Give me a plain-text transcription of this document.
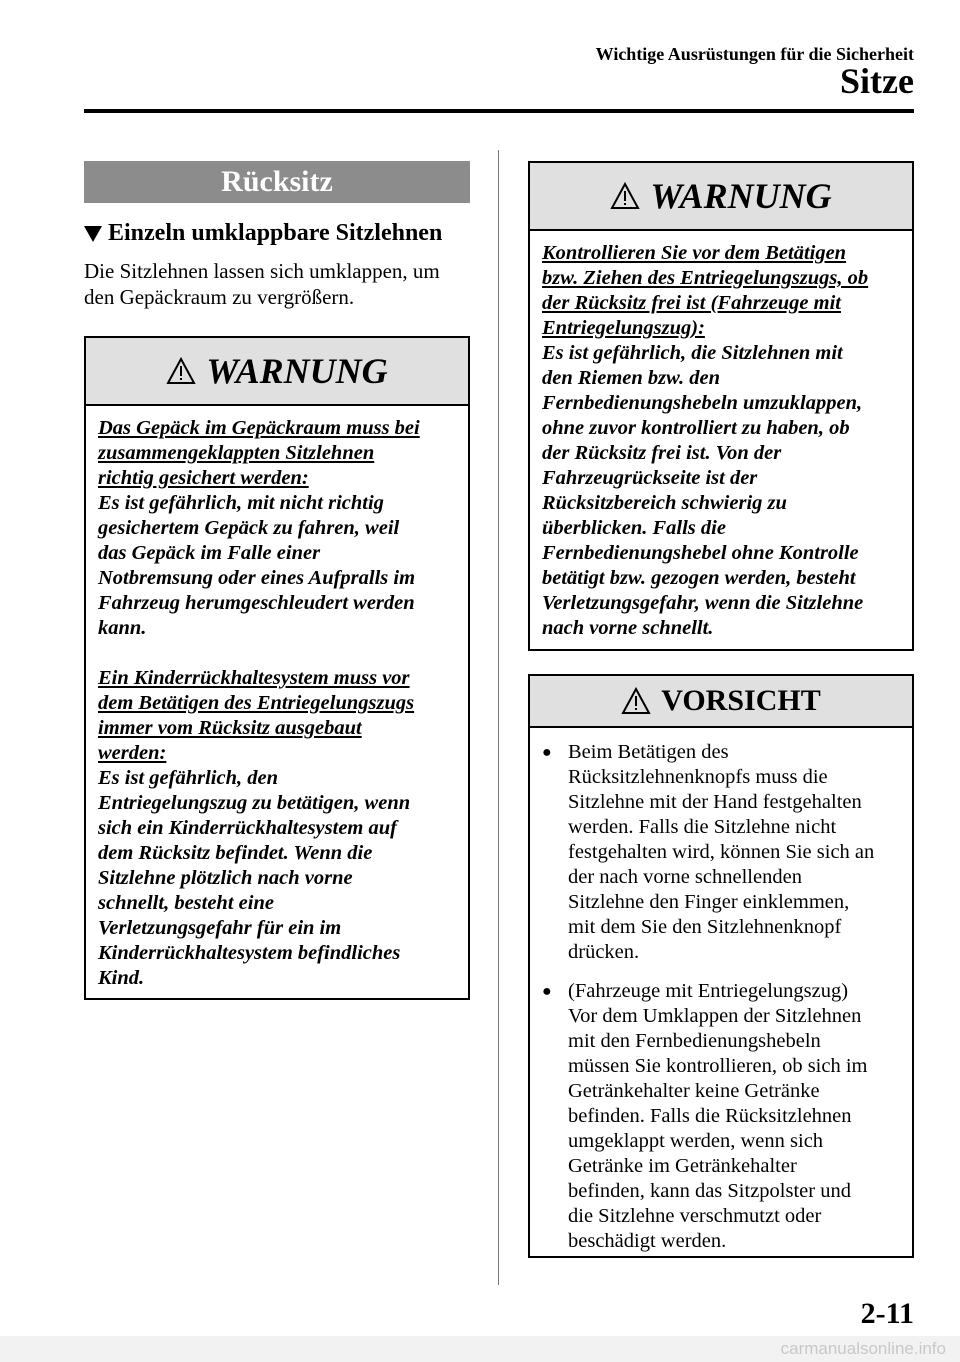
Wichtige Ausrüstungen für die Sicherheit
Sitze
Rücksitz
Einzeln umklappbare Sitzlehnen
Die Sitzlehnen lassen sich umklappen, um den Gepäckraum zu vergrößern.
WARNUNG
Das Gepäck im Gepäckraum muss bei
zusammengeklappten Sitzlehnen
richtig gesichert werden:
Es ist gefährlich, mit nicht richtig
gesichertem Gepäck zu fahren, weil
das Gepäck im Falle einer
Notbremsung oder eines Aufpralls im
Fahrzeug herumgeschleudert werden
kann.
Ein Kinderrückhaltesystem muss vor
dem Betätigen des Entriegelungszugs
immer vom Rücksitz ausgebaut
werden:
Es ist gefährlich, den
Entriegelungszug zu betätigen, wenn
sich ein Kinderrückhaltesystem auf
dem Rücksitz befindet. Wenn die
Sitzlehne plötzlich nach vorne
schnellt, besteht eine
Verletzungsgefahr für ein im
Kinderrückhaltesystem befindliches
Kind.
WARNUNG
Kontrollieren Sie vor dem Betätigen
bzw. Ziehen des Entriegelungszugs, ob
der Rücksitz frei ist (Fahrzeuge mit
Entriegelungszug):
Es ist gefährlich, die Sitzlehnen mit
den Riemen bzw. den
Fernbedienungshebeln umzuklappen,
ohne zuvor kontrolliert zu haben, ob
der Rücksitz frei ist. Von der
Fahrzeugrückseite ist der
Rücksitzbereich schwierig zu
überblicken. Falls die
Fernbedienungshebel ohne Kontrolle
betätigt bzw. gezogen werden, besteht
Verletzungsgefahr, wenn die Sitzlehne
nach vorne schnellt.
VORSICHT
● Beim Betätigen des
Rücksitzlehnenknopfs muss die
Sitzlehne mit der Hand festgehalten
werden. Falls die Sitzlehne nicht
festgehalten wird, können Sie sich an
der nach vorne schnellenden
Sitzlehne den Finger einklemmen,
mit dem Sie den Sitzlehnenknopf
drücken.
● (Fahrzeuge mit Entriegelungszug)
Vor dem Umklappen der Sitzlehnen
mit den Fernbedienungshebeln
müssen Sie kontrollieren, ob sich im
Getränkehalter keine Getränke
befinden. Falls die Rücksitzlehnen
umgeklappt werden, wenn sich
Getränke im Getränkehalter
befinden, kann das Sitzpolster und
die Sitzlehne verschmutzt oder
beschädigt werden.
2-11
carmanualsonline.info
